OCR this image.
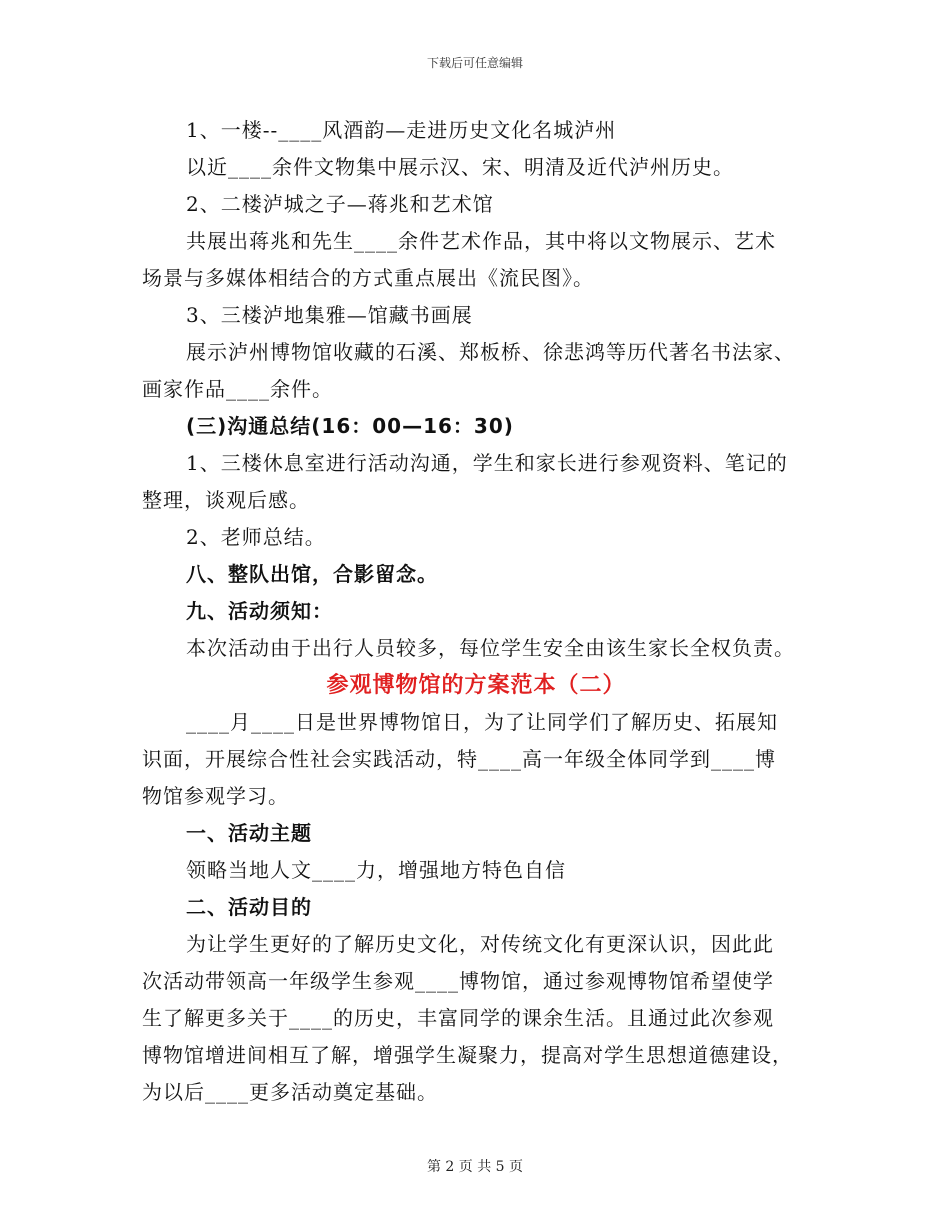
下载后可任意编辑
1、一楼--____风酒韵—走进历史文化名城泸州
以近____余件文物集中展示汉、宋、明清及近代泸州历史。
2、二楼泸城之子—蒋兆和艺术馆
共展出蒋兆和先生____余件艺术作品，其中将以文物展示、艺术
场景与多媒体相结合的方式重点展出《流民图》。
3、三楼泸地集雅—馆藏书画展
展示泸州博物馆收藏的石溪、郑板桥、徐悲鸿等历代著名书法家、
画家作品____余件。
(三)沟通总结(16：00—16：30)
1、三楼休息室进行活动沟通，学生和家长进行参观资料、笔记的
整理，谈观后感。
2、老师总结。
八、整队出馆，合影留念。
九、活动须知：
本次活动由于出行人员较多，每位学生安全由该生家长全权负责。
参观博物馆的方案范本（二）
____月____日是世界博物馆日，为了让同学们了解历史、拓展知
识面，开展综合性社会实践活动，特____高一年级全体同学到____博
物馆参观学习。
一、活动主题
领略当地人文____力，增强地方特色自信
二、活动目的
为让学生更好的了解历史文化，对传统文化有更深认识，因此此
次活动带领高一年级学生参观____博物馆，通过参观博物馆希望使学
生了解更多关于____的历史，丰富同学的课余生活。且通过此次参观
博物馆增进间相互了解，增强学生凝聚力，提高对学生思想道德建设，
为以后____更多活动奠定基础。
第 2 页 共 5 页
